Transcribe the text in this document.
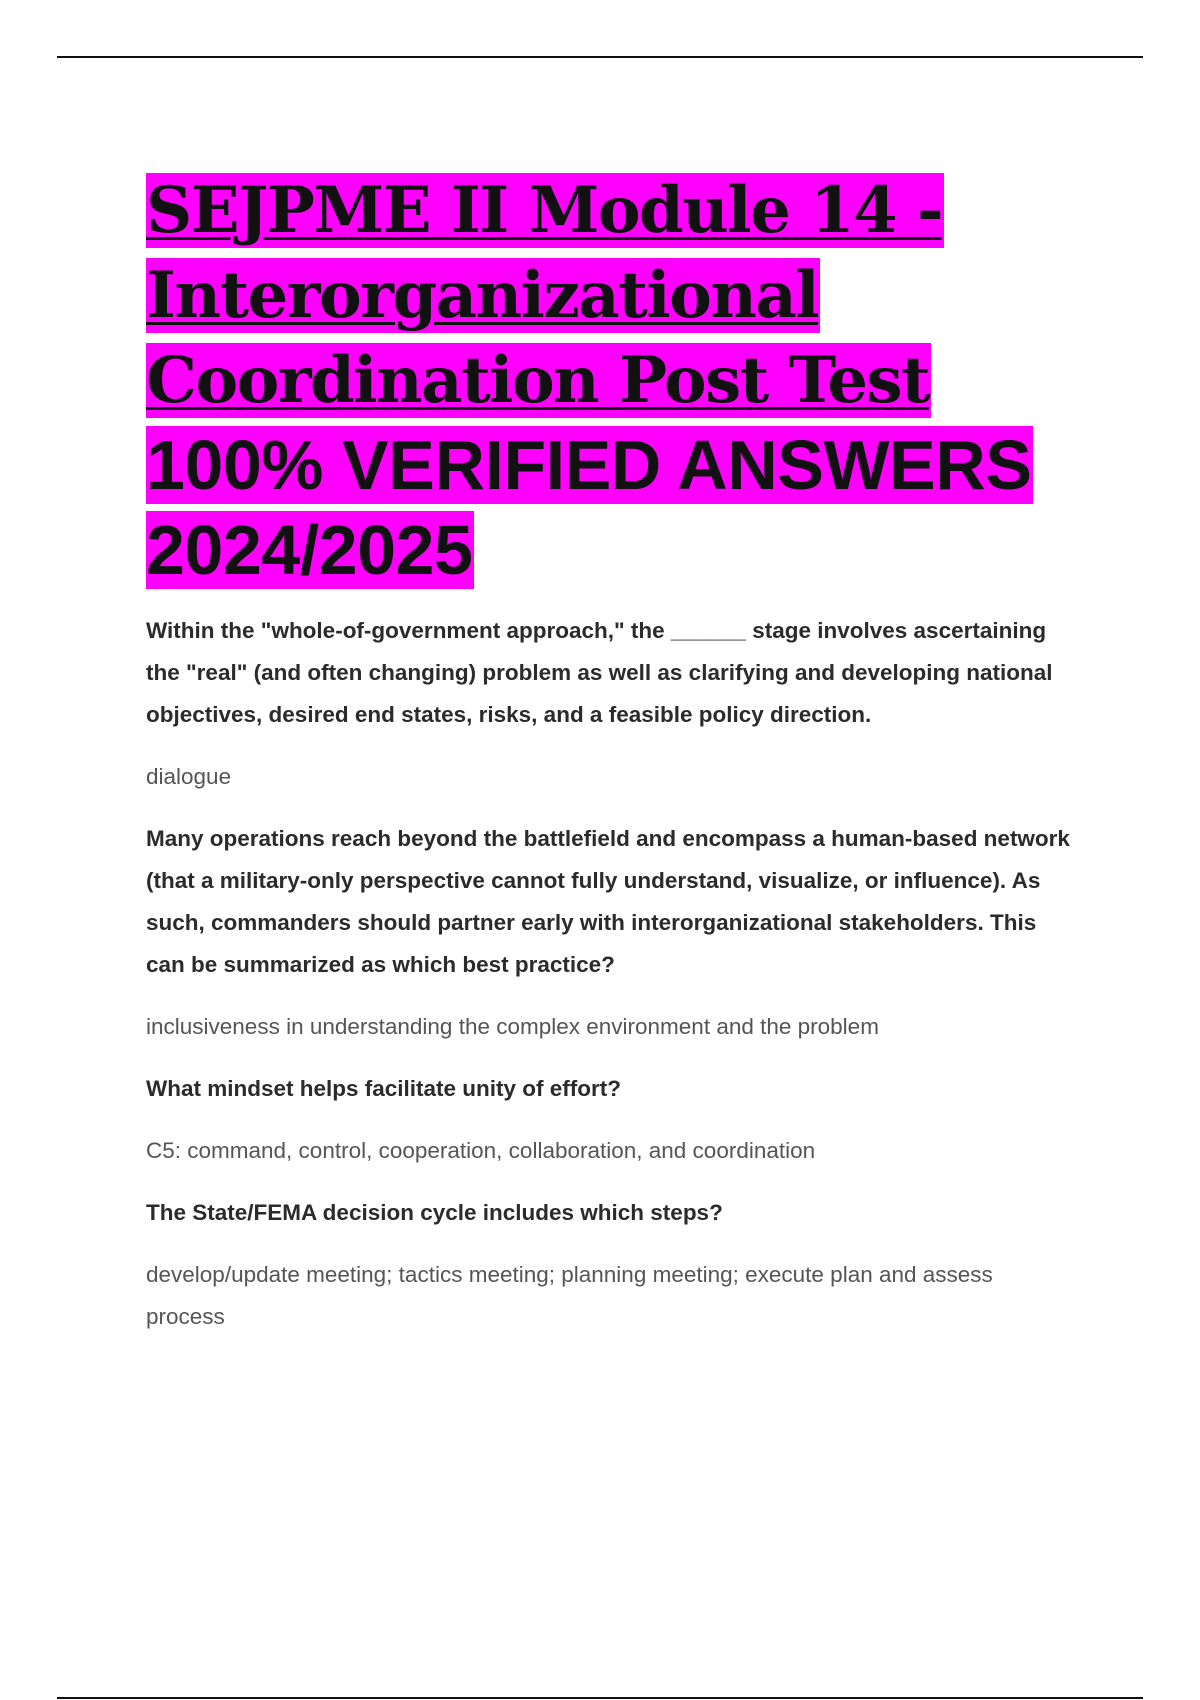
SEJPME II Module 14 -
Interorganizational
Coordination Post Test
100% VERIFIED ANSWERS
2024/2025

Within the "whole-of-government approach," the ______ stage involves ascertaining the "real" (and often changing) problem as well as clarifying and developing national objectives, desired end states, risks, and a feasible policy direction.

dialogue

Many operations reach beyond the battlefield and encompass a human-based network (that a military-only perspective cannot fully understand, visualize, or influence). As such, commanders should partner early with interorganizational stakeholders. This can be summarized as which best practice?

inclusiveness in understanding the complex environment and the problem

What mindset helps facilitate unity of effort?

C5: command, control, cooperation, collaboration, and coordination

The State/FEMA decision cycle includes which steps?

develop/update meeting; tactics meeting; planning meeting; execute plan and assess process
